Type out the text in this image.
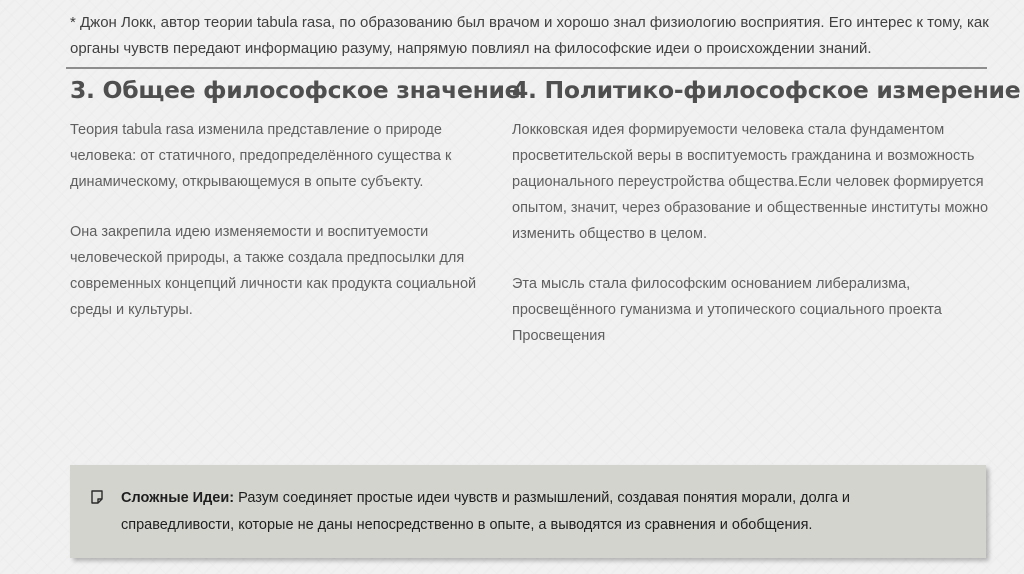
* Джон Локк, автор теории tabula rasa, по образованию был врачом и хорошо знал физиологию восприятия. Его интерес к тому, как органы чувств передают информацию разуму, напрямую повлиял на философские идеи о происхождении знаний.

3. Общее философское значение

Теория tabula rasa изменила представление о природе человека: от статичного, предопределённого существа к динамическому, открывающемуся в опыте субъекту.

Она закрепила идею изменяемости и воспитуемости человеческой природы, а также создала предпосылки для современных концепций личности как продукта социальной среды и культуры.

4. Политико-философское измерение

Локковская идея формируемости человека стала фундаментом просветительской веры в воспитуемость гражданина и возможность рационального переустройства общества.Если человек формируется опытом, значит, через образование и общественные институты можно изменить общество в целом.

Эта мысль стала философским основанием либерализма, просвещённого гуманизма и утопического социального проекта Просвещения

Сложные Идеи: Разум соединяет простые идеи чувств и размышлений, создавая понятия морали, долга и справедливости, которые не даны непосредственно в опыте, а выводятся из сравнения и обобщения.
